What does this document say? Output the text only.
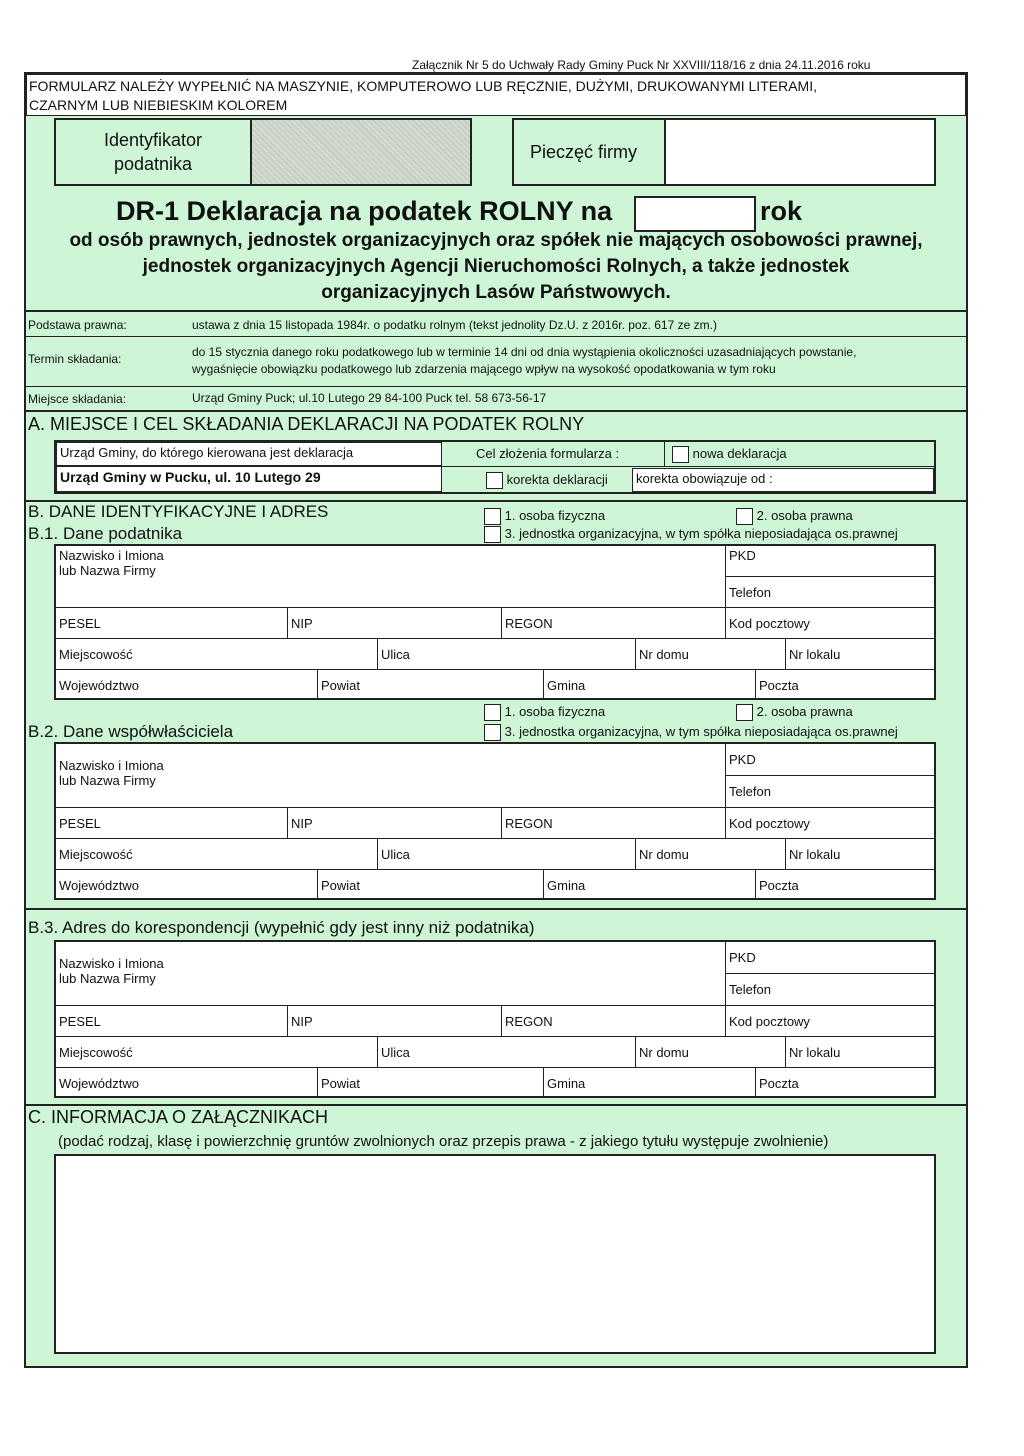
Załącznik Nr 5 do Uchwały Rady Gminy Puck Nr XXVIII/118/16 z dnia 24.11.2016 roku
FORMULARZ NALEŻY WYPEŁNIĆ NA MASZYNIE, KOMPUTEROWO LUB RĘCZNIE, DUŻYMI, DRUKOWANYMI LITERAMI,
CZARNYM LUB NIEBIESKIM KOLOREM
Identyfikator
podatnika
Pieczęć firmy
DR-1 Deklaracja na podatek ROLNY na	rok
od osób prawnych, jednostek organizacyjnych oraz spółek nie mających osobowości prawnej,
jednostek organizacyjnych Agencji Nieruchomości Rolnych, a także jednostek
organizacyjnych Lasów Państwowych.
Podstawa prawna:	ustawa z dnia 15 listopada 1984r. o podatku rolnym (tekst jednolity Dz.U. z 2016r. poz. 617 ze zm.)
Termin składania:	do 15 stycznia danego roku podatkowego lub w terminie 14 dni od dnia wystąpienia okoliczności uzasadniających powstanie,
wygaśnięcie obowiązku podatkowego lub zdarzenia mającego wpływ na wysokość opodatkowania w tym roku
Miejsce składania:	Urząd Gminy Puck; ul.10 Lutego 29 84-100 Puck tel. 58 673-56-17
A. MIEJSCE I CEL SKŁADANIA DEKLARACJI NA PODATEK ROLNY
Urząd Gminy, do którego kierowana jest deklaracja
Urząd Gminy w Pucku, ul. 10 Lutego 29
Cel złożenia formularza :	nowa deklaracja
korekta deklaracji	korekta obowiązuje od :
B. DANE IDENTYFIKACYJNE I ADRES
B.1. Dane podatnika
1. osoba fizyczna	2. osoba prawna
3. jednostka organizacyjna, w tym spółka nieposiadająca os.prawnej
Nazwisko i Imiona
lub Nazwa Firmy
PKD
Telefon
PESEL	NIP	REGON	Kod pocztowy
Miejscowość	Ulica	Nr domu	Nr lokalu
Województwo	Powiat	Gmina	Poczta
1. osoba fizyczna	2. osoba prawna
3. jednostka organizacyjna, w tym spółka nieposiadająca os.prawnej
B.2. Dane współwłaściciela
Nazwisko i Imiona
lub Nazwa Firmy
PKD
Telefon
PESEL	NIP	REGON	Kod pocztowy
Miejscowość	Ulica	Nr domu	Nr lokalu
Województwo	Powiat	Gmina	Poczta
B.3. Adres do korespondencji (wypełnić gdy jest inny niż podatnika)
Nazwisko i Imiona
lub Nazwa Firmy
PKD
Telefon
PESEL	NIP	REGON	Kod pocztowy
Miejscowość	Ulica	Nr domu	Nr lokalu
Województwo	Powiat	Gmina	Poczta
C. INFORMACJA O ZAŁĄCZNIKACH
(podać rodzaj, klasę i powierzchnię gruntów zwolnionych oraz przepis prawa - z jakiego tytułu występuje zwolnienie)
